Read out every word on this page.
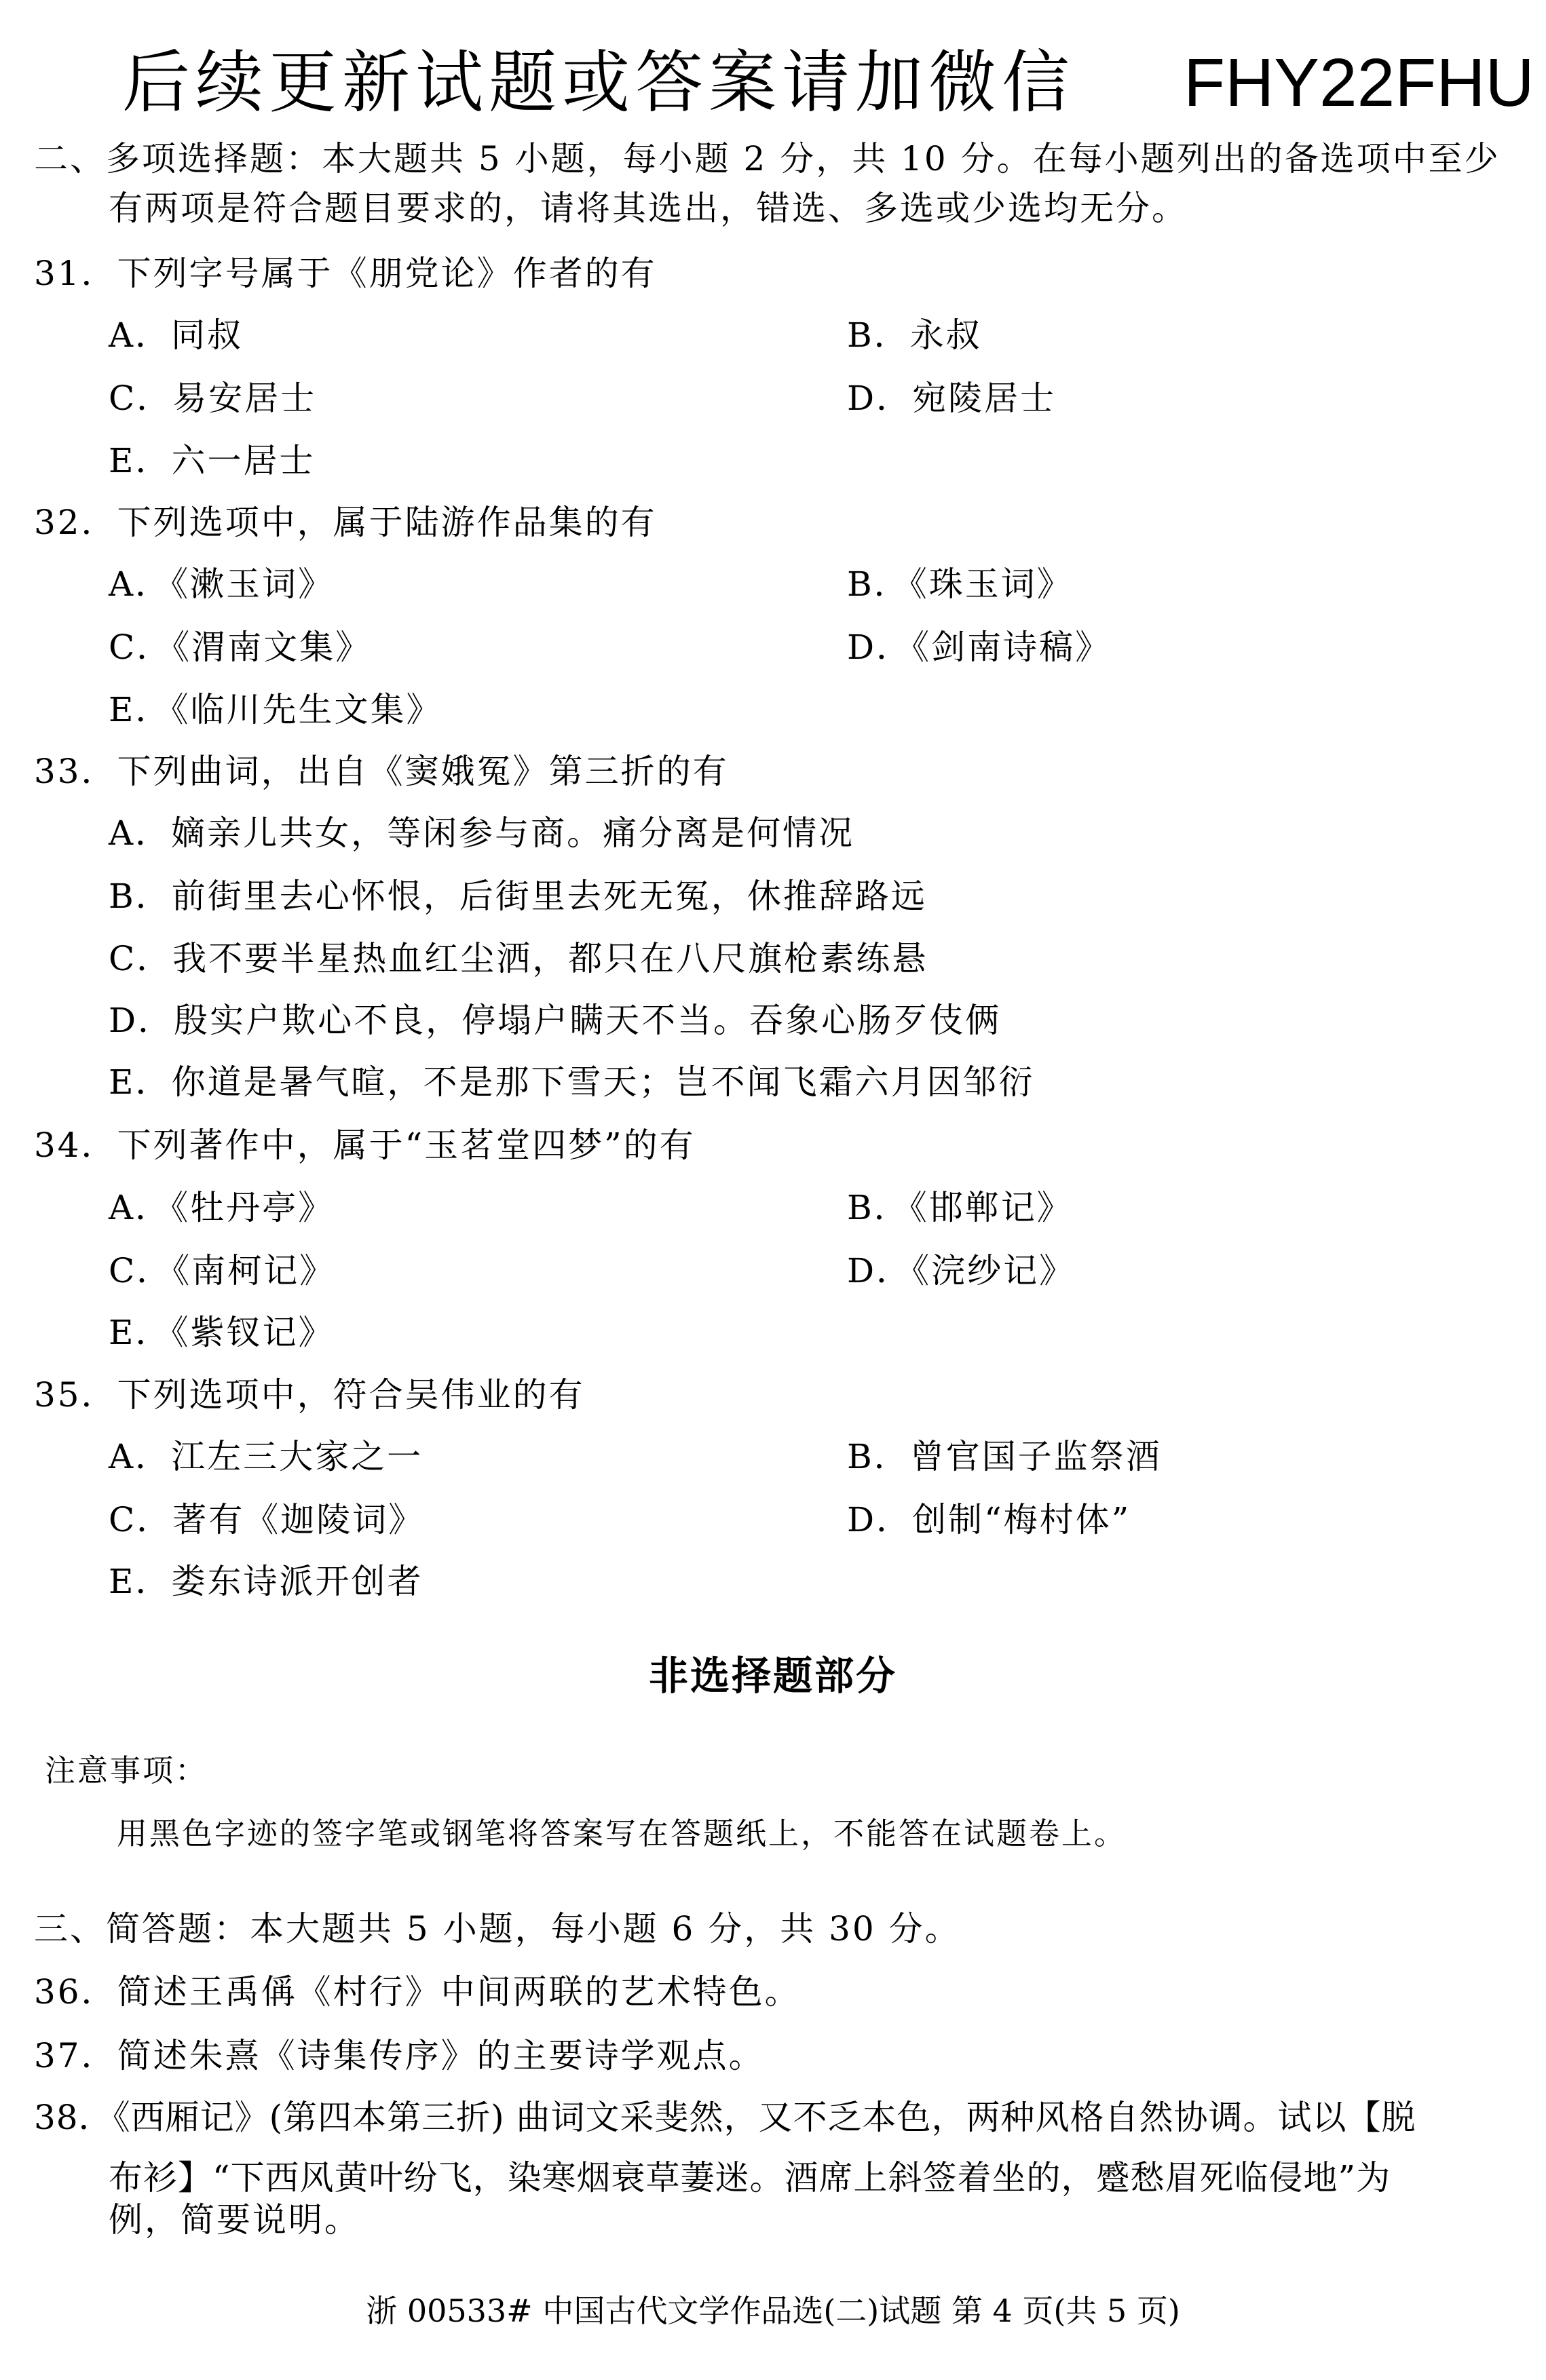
后续更新试题或答案请加微信 FHY22FHU
二、多项选择题：本大题共 5 小题，每小题 2 分，共 10 分。在每小题列出的备选项中至少
有两项是符合题目要求的，请将其选出，错选、多选或少选均无分。
31．下列字号属于《朋党论》作者的有
A．同叔	B．永叔
C．易安居士	D．宛陵居士
E．六一居士
32．下列选项中，属于陆游作品集的有
A．《漱玉词》	B．《珠玉词》
C．《渭南文集》	D．《剑南诗稿》
E．《临川先生文集》
33．下列曲词，出自《窦娥冤》第三折的有
A．嫡亲儿共女，等闲参与商。痛分离是何情况
B．前街里去心怀恨，后街里去死无冤，休推辞路远
C．我不要半星热血红尘洒，都只在八尺旗枪素练悬
D．殷实户欺心不良，停塌户瞒天不当。吞象心肠歹伎俩
E．你道是暑气暄，不是那下雪天；岂不闻飞霜六月因邹衍
34．下列著作中，属于“玉茗堂四梦”的有
A．《牡丹亭》	B．《邯郸记》
C．《南柯记》	D．《浣纱记》
E．《紫钗记》
35．下列选项中，符合吴伟业的有
A．江左三大家之一	B．曾官国子监祭酒
C．著有《迦陵词》	D．创制“梅村体”
E．娄东诗派开创者
非选择题部分
注意事项：
用黑色字迹的签字笔或钢笔将答案写在答题纸上，不能答在试题卷上。
三、简答题：本大题共 5 小题，每小题 6 分，共 30 分。
36．简述王禹偁《村行》中间两联的艺术特色。
37．简述朱熹《诗集传序》的主要诗学观点。
38．《西厢记》(第四本第三折) 曲词文采斐然，又不乏本色，两种风格自然协调。试以【脱
布衫】“下西风黄叶纷飞，染寒烟衰草萋迷。酒席上斜签着坐的，蹙愁眉死临侵地”为
例，简要说明。
浙 00533# 中国古代文学作品选(二)试题 第 4 页(共 5 页)
